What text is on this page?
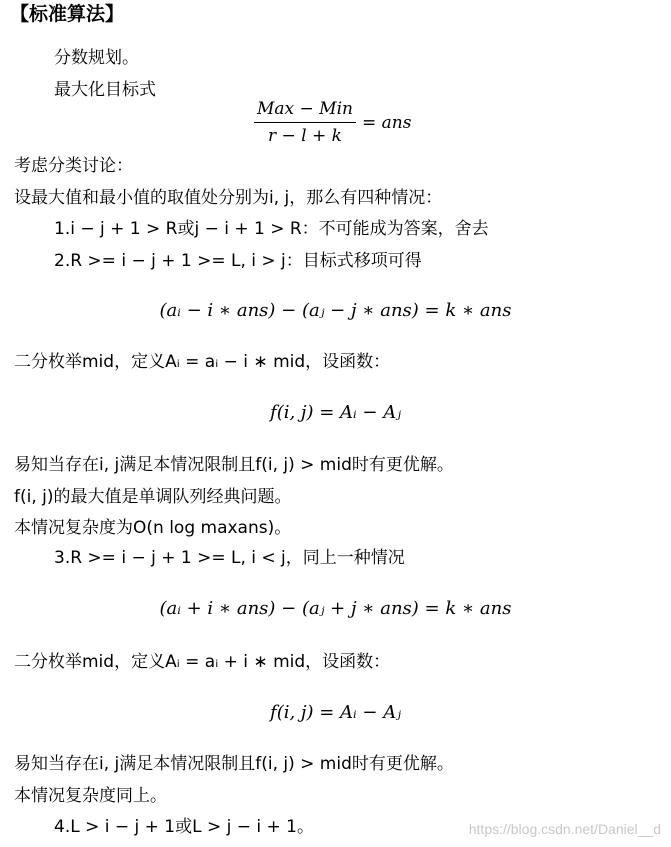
【标准算法】
分数规划。
最大化目标式
$\frac{\text{Max − Min}}{r - l + k}$ = ans
考虑分类讨论：
设最大值和最小值的取值处分别为i, j，那么有四种情况：
1.i − j + 1 > R或j − i + 1 > R：不可能成为答案，舍去
2.R >= i − j + 1 >= L, i > j：目标式移项可得
(aᵢ − i ∗ ans) − (aⱼ − j ∗ ans) = k ∗ ans
二分枚举mid，定义Aᵢ = aᵢ − i ∗ mid，设函数：
f(i, j) = Aᵢ − Aⱼ
易知当存在i, j满足本情况限制且f(i, j) > mid时有更优解。
f(i, j)的最大值是单调队列经典问题。
本情况复杂度为O(n log maxans)。
3.R >= i − j + 1 >= L, i < j，同上一种情况
(aᵢ + i ∗ ans) − (aⱼ + j ∗ ans) = k ∗ ans
二分枚举mid，定义Aᵢ = aᵢ + i ∗ mid，设函数：
f(i, j) = Aᵢ − Aⱼ
易知当存在i, j满足本情况限制且f(i, j) > mid时有更优解。
本情况复杂度同上。
4.L > i − j + 1或L > j − i + 1。	https://blog.csdn.net/Daniel__d
